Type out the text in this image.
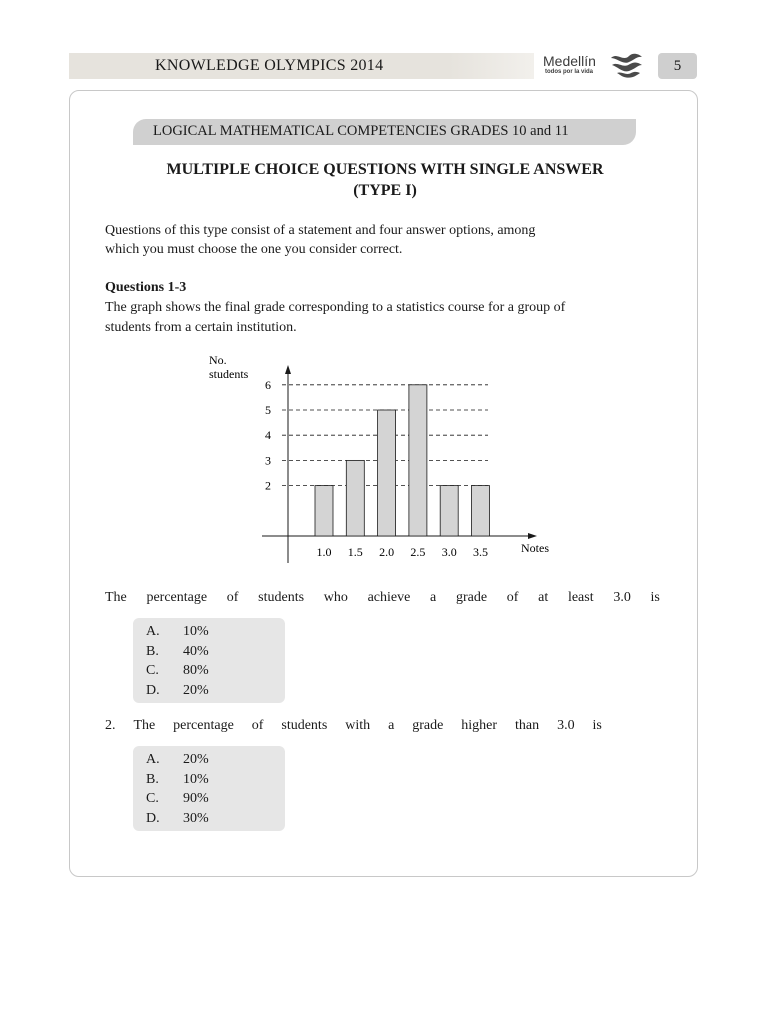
KNOWLEDGE OLYMPICS 2014	Medellín
todos por la vida	5
LOGICAL MATHEMATICAL COMPETENCIES GRADES 10 and 11
MULTIPLE CHOICE QUESTIONS WITH SINGLE ANSWER
(TYPE I)
Questions of this type consist of a statement and four answer options, among
which you must choose the one you consider correct.
Questions 1-3
The graph shows the final grade corresponding to a statistics course for a group of
students from a certain institution.
No.
students
Notes
2
3
4
5
6
1.0 1.5 2.0 2.5 3.0 3.5
The percentage of students who achieve a grade of at least 3.0 is
A. 10%
B. 40%
C. 80%
D. 20%
2. The percentage of students with a grade higher than 3.0 is
A. 20%
B. 10%
C. 90%
D. 30%
